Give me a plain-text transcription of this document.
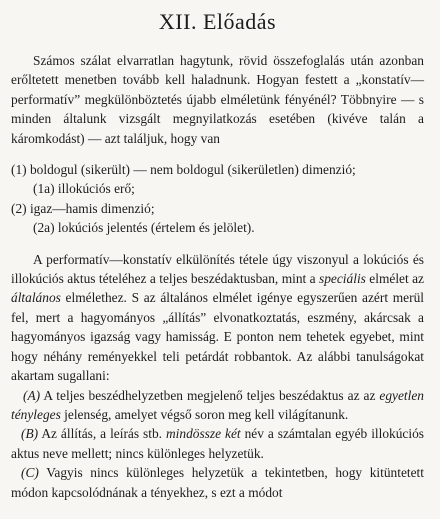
XII. Előadás

Számos szálat elvarratlan hagytunk, rövid összefoglalás után azonban erőltetett menetben tovább kell haladnunk. Hogyan festett a „konstatív—performatív” megkülönböztetés újabb elméletünk fényénél? Többnyire — s minden általunk vizsgált megnyilatkozás esetében (kivéve talán a káromkodást) — azt találjuk, hogy van

(1) boldogul (sikerült) — nem boldogul (sikerületlen) dimenzió;
(1a) illokúciós erő;
(2) igaz—hamis dimenzió;
(2a) lokúciós jelentés (értelem és jelölet).

A performatív—konstatív elkülönítés tétele úgy viszonyul a lokúciós és illokúciós aktus tételéhez a teljes beszédaktusban, mint a speciális elmélet az általános elmélethez. S az általános elmélet igénye egyszerűen azért merül fel, mert a hagyományos „állítás” elvonatkoztatás, eszmény, akárcsak a hagyományos igazság vagy hamisság. E ponton nem tehetek egyebet, mint hogy néhány reményekkel teli petárdát robbantok. Az alábbi tanulságokat akartam sugallani:

(A) A teljes beszédhelyzetben megjelenő teljes beszédaktus az az egyetlen tényleges jelenség, amelyet végső soron meg kell világítanunk.

(B) Az állítás, a leírás stb. mindössze két név a számtalan egyéb illokúciós aktus neve mellett; nincs különleges helyzetük.

(C) Vagyis nincs különleges helyzetük a tekintetben, hogy kitüntetett módon kapcsolódnának a tényekhez, s ezt a módot
